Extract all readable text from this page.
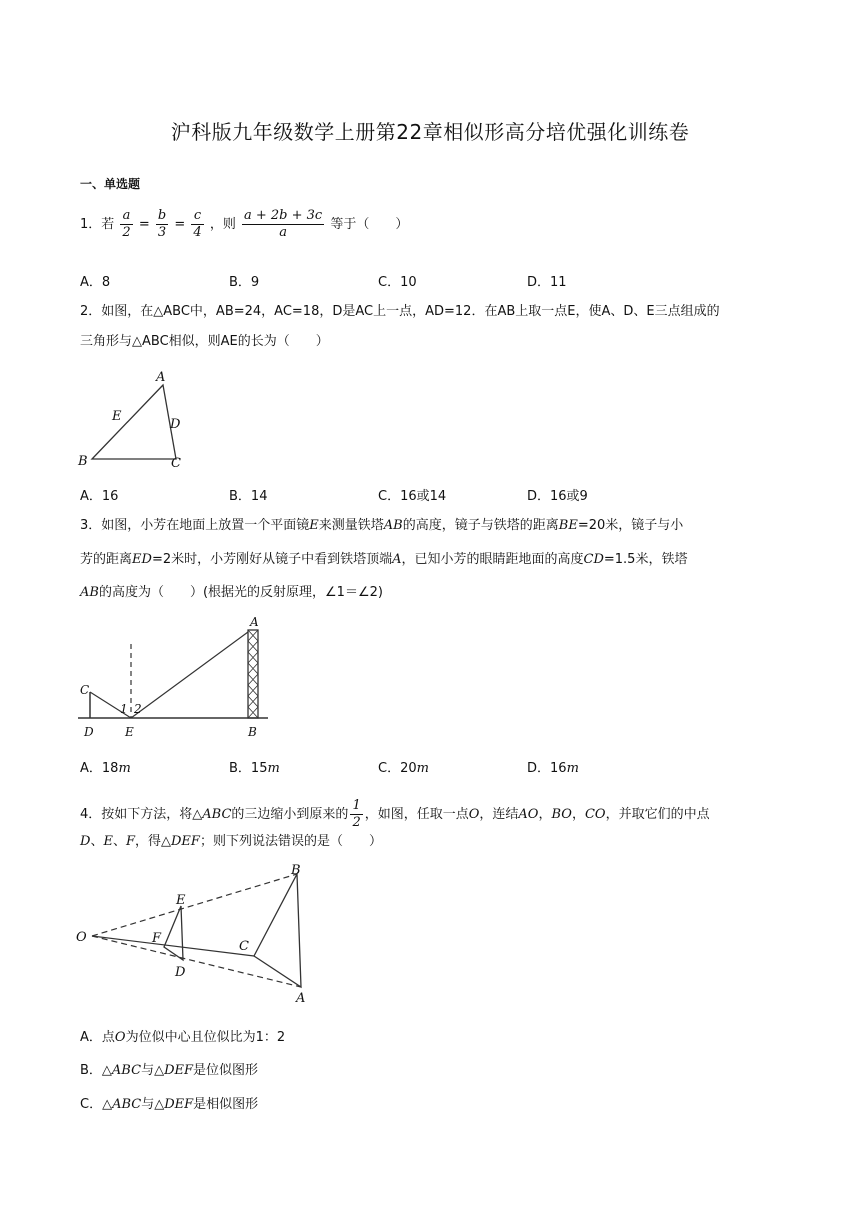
沪科版九年级数学上册第22章相似形高分培优强化训练卷
一、单选题
1．若 $\frac{a}{2} = \frac{b}{3} = \frac{c}{4}$ ，则 $\frac{a + 2b + 3c}{a}$ 等于（　　）
A．8	B．9	C．10	D．11
2．如图，在△ABC中，AB=24，AC=18，D是AC上一点，AD=12．在AB上取一点E，使A、D、E三点组成的
三角形与△ABC相似，则AE的长为（　　）
A
E
D
B	C
A．16	B．14	C．16或14	D．16或9
3．如图，小芳在地面上放置一个平面镜E来测量铁塔AB的高度，镜子与铁塔的距离BE=20米，镜子与小
芳的距离ED=2米时，小芳刚好从镜子中看到铁塔顶端A，已知小芳的眼睛距地面的高度CD=1.5米，铁塔
AB的高度为（　　）(根据光的反射原理，∠1＝∠2)
A
C
1 2
D	E	B
A．18m	B．15m	C．20m	D．16m
4．按如下方法，将△ABC的三边缩小到原来的 $\frac{1}{2}$ ，如图，任取一点O，连结AO，BO，CO，并取它们的中点
D、E、F，得△DEF；则下列说法错误的是（　　）
O
E
F
D
C
B
A
A．点O为位似中心且位似比为1：2
B．△ABC与△DEF是位似图形
C．△ABC与△DEF是相似图形
